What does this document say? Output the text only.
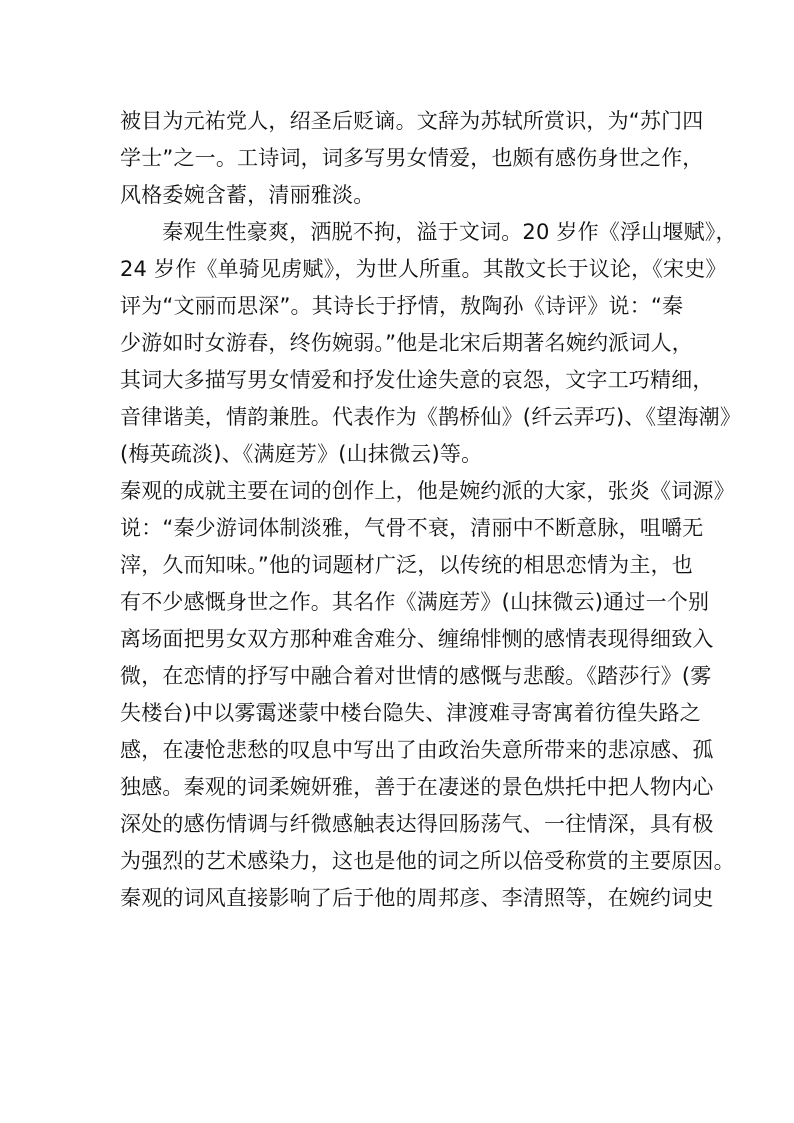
被目为元祐党人，绍圣后贬谪。文辞为苏轼所赏识，为“苏门四
学士”之一。工诗词，词多写男女情爱，也颇有感伤身世之作，
风格委婉含蓄，清丽雅淡。
秦观生性豪爽，洒脱不拘，溢于文词。20 岁作《浮山堰赋》，
24 岁作《单骑见虏赋》，为世人所重。其散文长于议论，《宋史》
评为“文丽而思深”。其诗长于抒情，敖陶孙《诗评》说：“秦
少游如时女游春，终伤婉弱。”他是北宋后期著名婉约派词人，
其词大多描写男女情爱和抒发仕途失意的哀怨，文字工巧精细，
音律谐美，情韵兼胜。代表作为《鹊桥仙》(纤云弄巧)、《望海潮》
(梅英疏淡)、《满庭芳》(山抹微云)等。
秦观的成就主要在词的创作上，他是婉约派的大家，张炎《词源》
说：“秦少游词体制淡雅，气骨不衰，清丽中不断意脉，咀嚼无
滓，久而知味。”他的词题材广泛，以传统的相思恋情为主，也
有不少感慨身世之作。其名作《满庭芳》(山抹微云)通过一个别
离场面把男女双方那种难舍难分、缠绵悱恻的感情表现得细致入
微，在恋情的抒写中融合着对世情的感慨与悲酸。《踏莎行》(雾
失楼台)中以雾霭迷蒙中楼台隐失、津渡难寻寄寓着彷徨失路之
感，在凄怆悲愁的叹息中写出了由政治失意所带来的悲凉感、孤
独感。秦观的词柔婉妍雅，善于在凄迷的景色烘托中把人物内心
深处的感伤情调与纤微感触表达得回肠荡气、一往情深，具有极
为强烈的艺术感染力，这也是他的词之所以倍受称赏的主要原因。
秦观的词风直接影响了后于他的周邦彦、李清照等，在婉约词史
